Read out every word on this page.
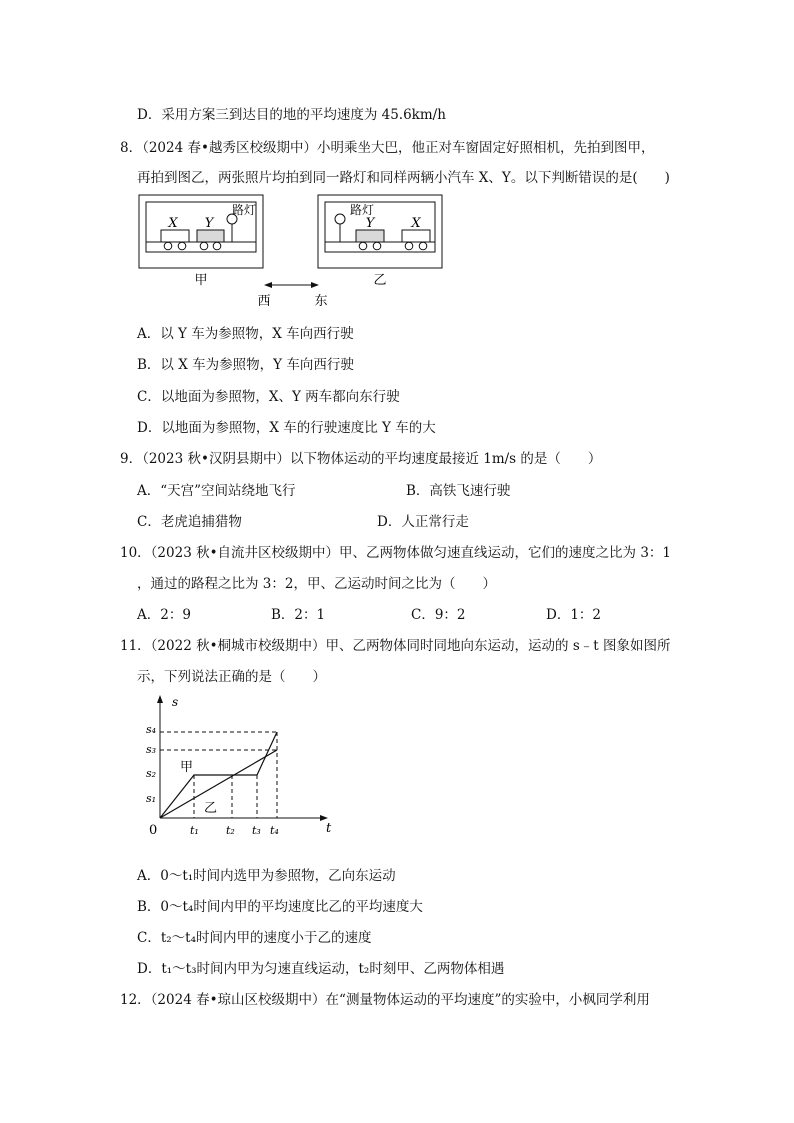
D．采用方案三到达目的地的平均速度为 45.6km/h
8．（2024 春•越秀区校级期中）小明乘坐大巴，他正对车窗固定好照相机，先拍到图甲，
再拍到图乙，两张照片均拍到同一路灯和同样两辆小汽车 X、Y。以下判断错误的是(　　)
X Y
路灯
甲
路灯
Y	X
乙
西	东
A．以 Y 车为参照物，X 车向西行驶
B．以 X 车为参照物，Y 车向西行驶
C．以地面为参照物，X、Y 两车都向东行驶
D．以地面为参照物，X 车的行驶速度比 Y 车的大
9．（2023 秋•汉阴县期中）以下物体运动的平均速度最接近 1m/s 的是（　　）
A．“天宫”空间站绕地飞行	B．高铁飞速行驶
C．老虎追捕猎物	D．人正常行走
10．（2023 秋•自流井区校级期中）甲、乙两物体做匀速直线运动，它们的速度之比为 3：1
，通过的路程之比为 3：2，甲、乙运动时间之比为（　　）
A．2：9	B．2：1	C．9：2	D．1：2
11．（2022 秋•桐城市校级期中）甲、乙两物体同时同地向东运动，运动的 s﹣t 图象如图所
示，下列说法正确的是（　　）
s
t
0
s₁
s₂
s₃
s₄
t₁ t₂ t₃ t₄
甲
乙
A．0～t₁时间内选甲为参照物，乙向东运动
B．0～t₄时间内甲的平均速度比乙的平均速度大
C．t₂～t₄时间内甲的速度小于乙的速度
D．t₁～t₃时间内甲为匀速直线运动，t₂时刻甲、乙两物体相遇
12．（2024 春•琼山区校级期中）在“测量物体运动的平均速度”的实验中，小枫同学利用
